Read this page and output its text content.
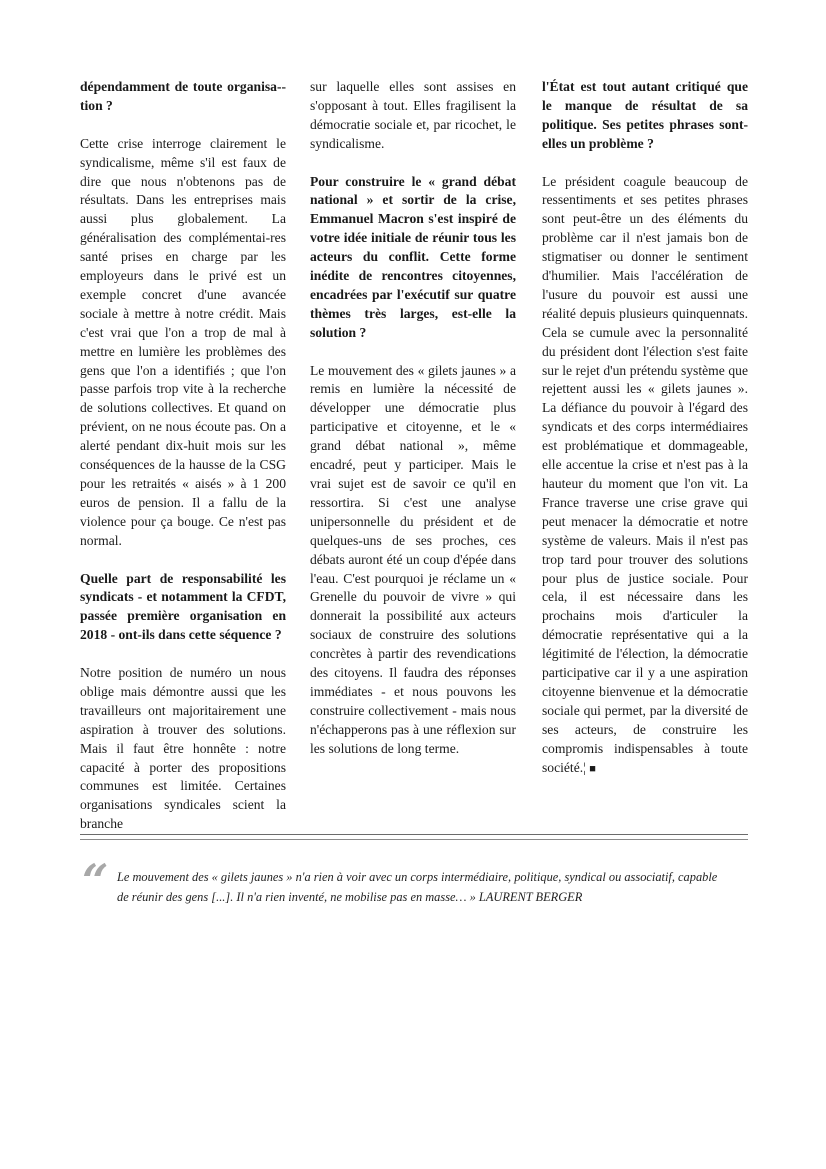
dépendamment de toute organisa-tion ?

Cette crise interroge clairement le syndicalisme, même s'il est faux de dire que nous n'obtenons pas de résultats. Dans les entreprises mais aussi plus globalement. La généralisation des complémentai-res santé prises en charge par les employeurs dans le privé est un exemple concret d'une avancée sociale à mettre à notre crédit. Mais c'est vrai que l'on a trop de mal à mettre en lumière les problèmes des gens que l'on a identifiés ; que l'on passe parfois trop vite à la recherche de solutions collectives. Et quand on prévient, on ne nous écoute pas. On a alerté pendant dix-huit mois sur les conséquences de la hausse de la CSG pour les retraités « aisés » à 1 200 euros de pension. Il a fallu de la violence pour ça bouge. Ce n'est pas normal.

Quelle part de responsabilité les syndicats - et notamment la CFDT, passée première organisation en 2018 - ont-ils dans cette séquence ?

Notre position de numéro un nous oblige mais démontre aussi que les travailleurs ont majoritairement une aspiration à trouver des solutions. Mais il faut être honnête : notre capacité à porter des propositions communes est limitée. Certaines organisations syndicales scient la branche

sur laquelle elles sont assises en s'opposant à tout. Elles fragilisent la démocratie sociale et, par ricochet, le syndicalisme.

Pour construire le « grand débat national » et sortir de la crise, Emmanuel Macron s'est inspiré de votre idée initiale de réunir tous les acteurs du conflit. Cette forme inédite de rencontres citoyennes, encadrées par l'exécutif sur quatre thèmes très larges, est-elle la solution ?

Le mouvement des « gilets jaunes » a remis en lumière la nécessité de développer une démocratie plus participative et citoyenne, et le « grand débat national », même encadré, peut y participer. Mais le vrai sujet est de savoir ce qu'il en ressortira. Si c'est une analyse unipersonnelle du président et de quelques-uns de ses proches, ces débats auront été un coup d'épée dans l'eau. C'est pourquoi je réclame un « Grenelle du pouvoir de vivre » qui donnerait la possibilité aux acteurs sociaux de construire des solutions concrètes à partir des revendications des citoyens. Il faudra des réponses immédiates - et nous pouvons les construire collectivement - mais nous n'échapperons pas à une réflexion sur les solutions de long terme.

l'État est tout autant critiqué que le manque de résultat de sa politique. Ses petites phrases sont-elles un problème ?

Le président coagule beaucoup de ressentiments et ses petites phrases sont peut-être un des éléments du problème car il n'est jamais bon de stigmatiser ou donner le sentiment d'humilier. Mais l'accélération de l'usure du pouvoir est aussi une réalité depuis plusieurs quinquennats. Cela se cumule avec la personnalité du président dont l'élection s'est faite sur le rejet d'un prétendu système que rejettent aussi les « gilets jaunes ». La défiance du pouvoir à l'égard des syndicats et des corps intermédiaires est problématique et dommageable, elle accentue la crise et n'est pas à la hauteur du moment que l'on vit. La France traverse une crise grave qui peut menacer la démocratie et notre système de valeurs. Mais il n'est pas trop tard pour trouver des solutions pour plus de justice sociale. Pour cela, il est nécessaire dans les prochains mois d'articuler la démocratie représentative qui a la légitimité de l'élection, la démocratie participative car il y a une aspiration citoyenne bienvenue et la démocratie sociale qui permet, par la diversité de ses acteurs, de construire les compromis indispensables à toute société.¦ ■

“ Le mouvement des « gilets jaunes » n'a rien à voir avec un corps intermédiaire, politique, syndical ou associatif, capable de réunir des gens [...]. Il n'a rien inventé, ne mobilise pas en masse… » LAURENT BERGER
